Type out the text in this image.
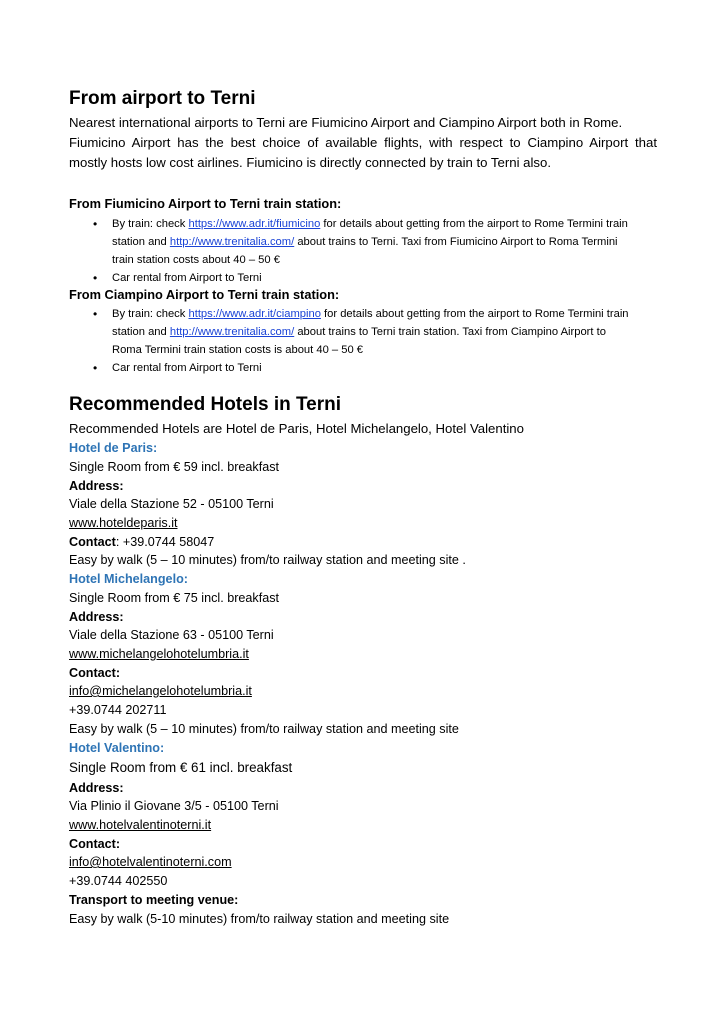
From airport to Terni
Nearest international airports to Terni are Fiumicino Airport and Ciampino Airport both in Rome.
Fiumicino Airport has the best choice of available flights, with respect to Ciampino Airport that
mostly hosts low cost airlines. Fiumicino is directly connected by train to Terni also.
From Fiumicino Airport to Terni train station:
•
By train: check https://www.adr.it/fiumicino for details about getting from the airport to Rome Termini train
station and http://www.trenitalia.com/ about trains to Terni. Taxi from Fiumicino Airport to Roma Termini
train station costs about 40 – 50 €
•
Car rental from Airport to Terni
From Ciampino Airport to Terni train station:
•
By train: check https://www.adr.it/ciampino for details about getting from the airport to Rome Termini train
station and http://www.trenitalia.com/ about trains to Terni train station. Taxi from Ciampino Airport to
Roma Termini train station costs is about 40 – 50 €
•
Car rental from Airport to Terni
Recommended Hotels in Terni
Recommended Hotels are Hotel de Paris, Hotel Michelangelo, Hotel Valentino
Hotel de Paris:
Single Room from € 59 incl. breakfast
Address:
Viale della Stazione 52 - 05100 Terni
www.hoteldeparis.it
Contact: +39.0744 58047
Easy by walk (5 – 10 minutes) from/to railway station and meeting site .
Hotel Michelangelo:
Single Room from € 75 incl. breakfast
Address:
Viale della Stazione 63 - 05100 Terni
www.michelangelohotelumbria.it
Contact:
info@michelangelohotelumbria.it
+39.0744 202711
Easy by walk (5 – 10 minutes) from/to railway station and meeting site
Hotel Valentino:
Single Room from € 61 incl. breakfast
Address:
Via Plinio il Giovane 3/5 - 05100 Terni
www.hotelvalentinoterni.it
Contact:
info@hotelvalentinoterni.com
+39.0744 402550
Transport to meeting venue:
Easy by walk (5-10 minutes) from/to railway station and meeting site
